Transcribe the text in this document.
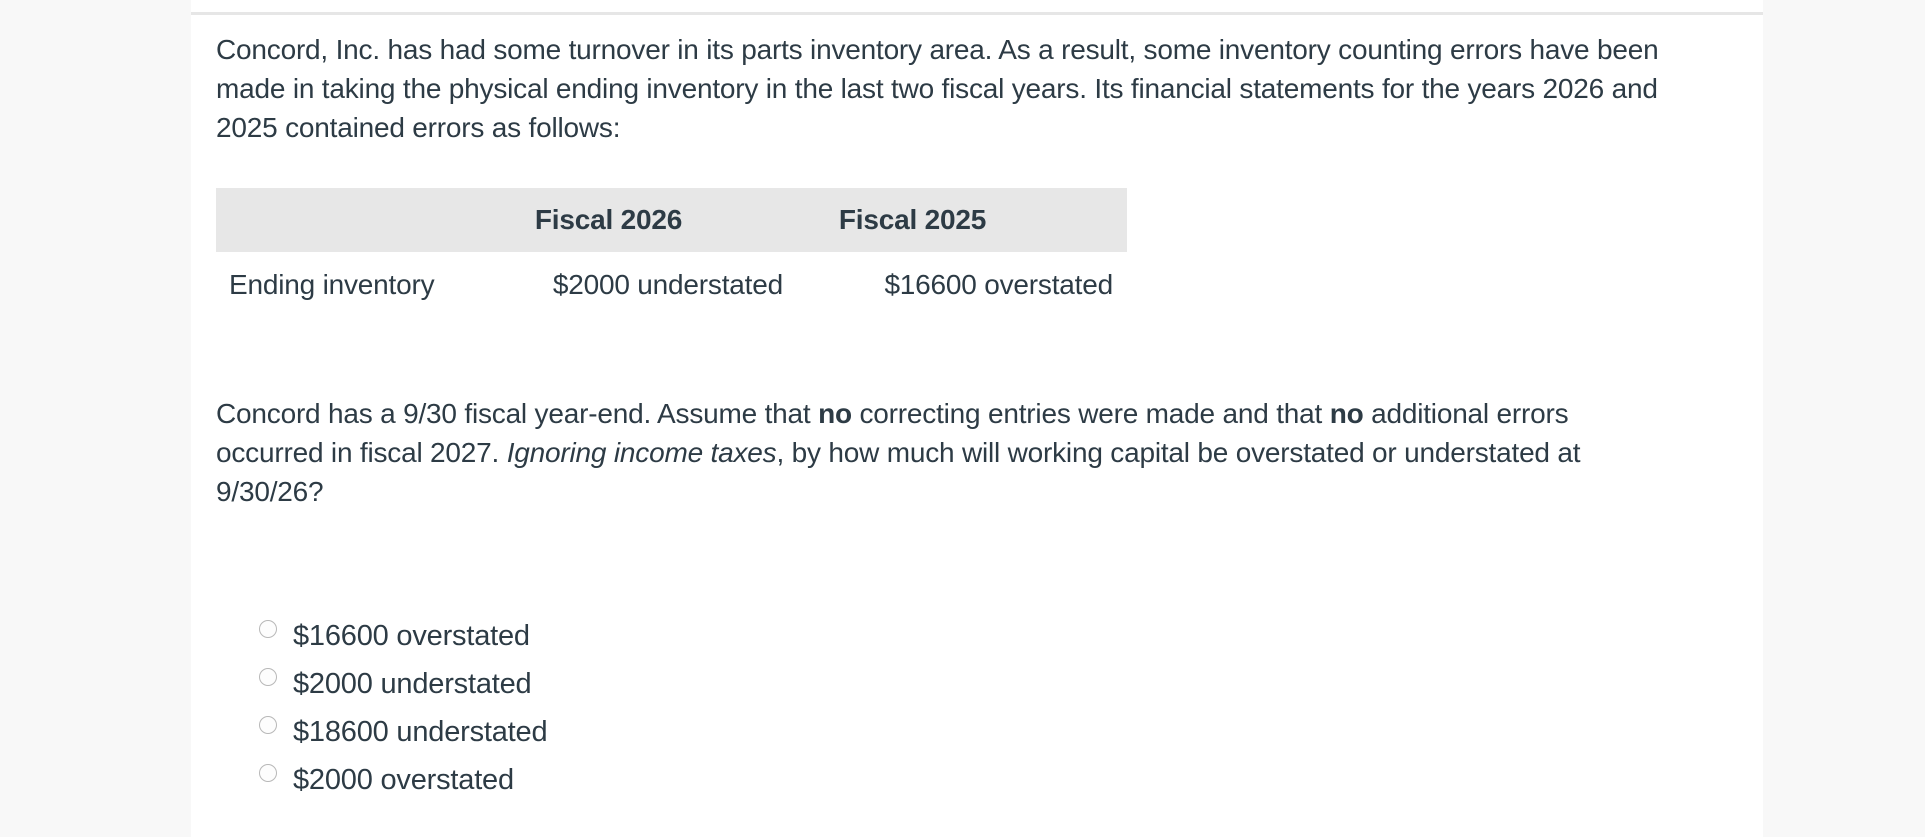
Concord, Inc. has had some turnover in its parts inventory area. As a result, some inventory counting errors have been
made in taking the physical ending inventory in the last two fiscal years. Its financial statements for the years 2026 and
2025 contained errors as follows:

	Fiscal 2026	Fiscal 2025
Ending inventory	$2000 understated	$16600 overstated

Concord has a 9/30 fiscal year-end. Assume that no correcting entries were made and that no additional errors
occurred in fiscal 2027. Ignoring income taxes, by how much will working capital be overstated or understated at
9/30/26?

$16600 overstated
$2000 understated
$18600 understated
$2000 overstated
